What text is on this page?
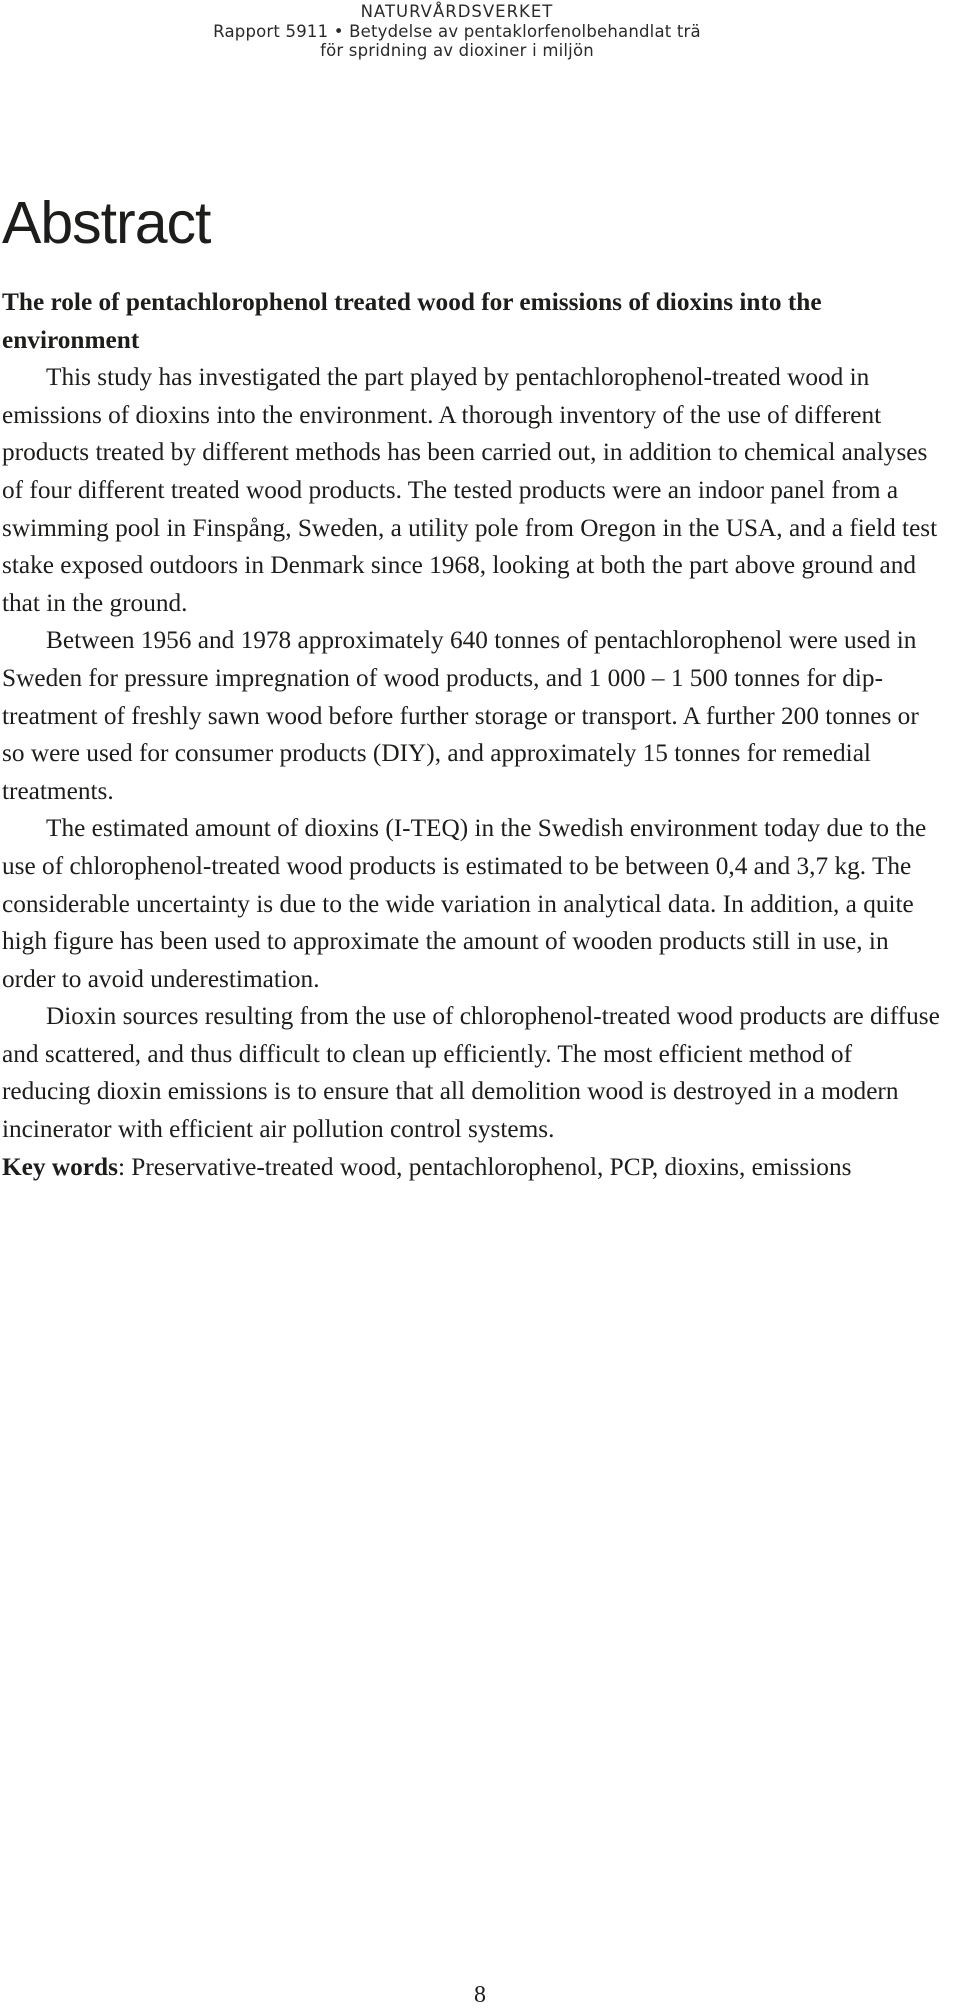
NATURVÅRDSVERKET
Rapport 5911 • Betydelse av pentaklorfenolbehandlat trä
för spridning av dioxiner i miljön
Abstract

The role of pentachlorophenol treated wood for emissions of dioxins into the environment

This study has investigated the part played by pentachlorophenol-treated wood in emissions of dioxins into the environment. A thorough inventory of the use of different products treated by different methods has been carried out, in addition to chemical analyses of four different treated wood products. The tested products were an indoor panel from a swimming pool in Finspång, Sweden, a utility pole from Oregon in the USA, and a field test stake exposed outdoors in Denmark since 1968, looking at both the part above ground and that in the ground.

Between 1956 and 1978 approximately 640 tonnes of pentachlorophenol were used in Sweden for pressure impregnation of wood products, and 1 000 – 1 500 tonnes for dip-treatment of freshly sawn wood before further storage or transport. A further 200 tonnes or so were used for consumer products (DIY), and approximately 15 tonnes for remedial treatments.

The estimated amount of dioxins (I-TEQ) in the Swedish environment today due to the use of chlorophenol-treated wood products is estimated to be between 0,4 and 3,7 kg. The considerable uncertainty is due to the wide variation in analytical data. In addition, a quite high figure has been used to approximate the amount of wooden products still in use, in order to avoid underestimation.

Dioxin sources resulting from the use of chlorophenol-treated wood products are diffuse and scattered, and thus difficult to clean up efficiently. The most efficient method of reducing dioxin emissions is to ensure that all demolition wood is destroyed in a modern incinerator with efficient air pollution control systems.

Key words: Preservative-treated wood, pentachlorophenol, PCP, dioxins, emissions

8
